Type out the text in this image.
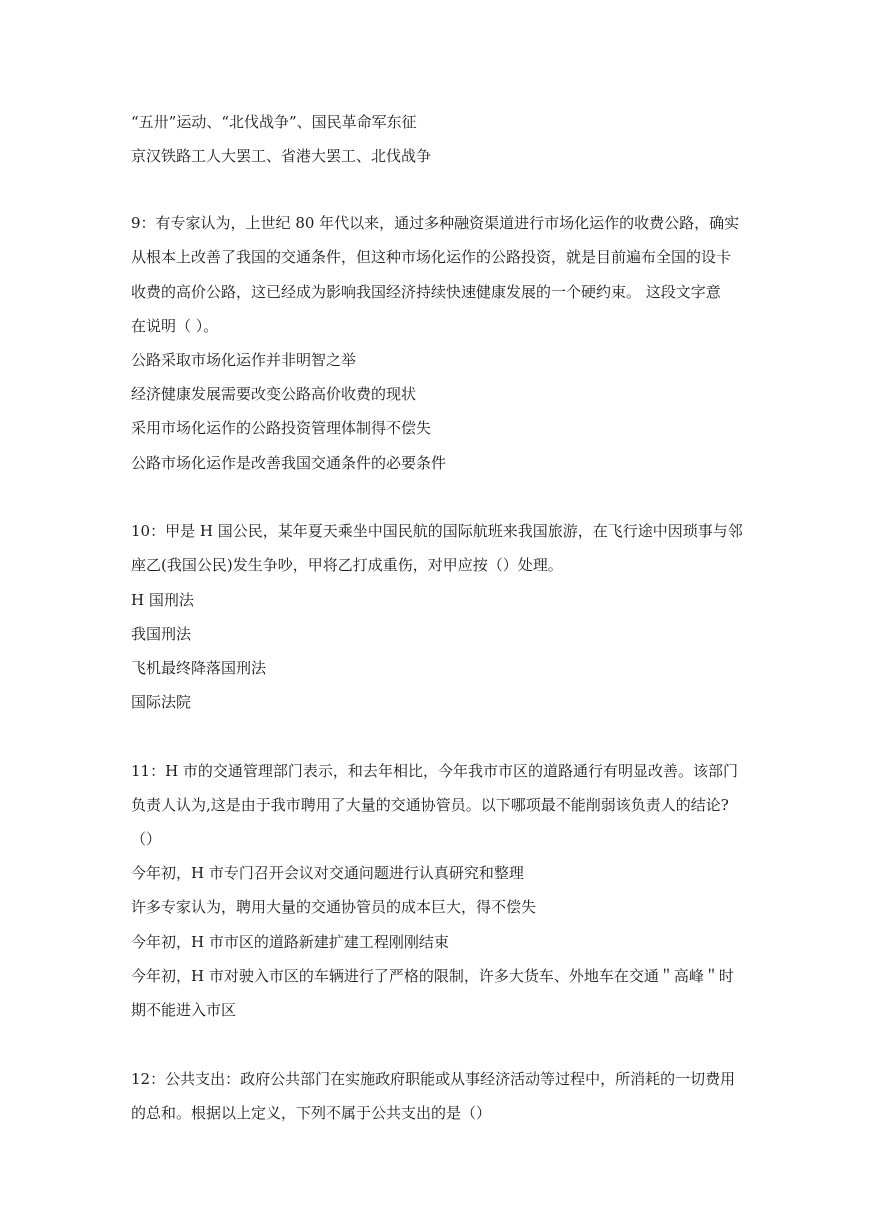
“五卅”运动、“北伐战争”、国民革命军东征

京汉铁路工人大罢工、省港大罢工、北伐战争

9：有专家认为，上世纪 80 年代以来，通过多种融资渠道进行市场化运作的收费公路，确实

从根本上改善了我国的交通条件，但这种市场化运作的公路投资，就是目前遍布全国的设卡

收费的高价公路，这已经成为影响我国经济持续快速健康发展的一个硬约束。 这段文字意

在说明（ ）。

公路采取市场化运作并非明智之举

经济健康发展需要改变公路高价收费的现状

采用市场化运作的公路投资管理体制得不偿失

公路市场化运作是改善我国交通条件的必要条件

10：甲是 H 国公民，某年夏天乘坐中国民航的国际航班来我国旅游，在飞行途中因琐事与邻

座乙(我国公民)发生争吵，甲将乙打成重伤，对甲应按（）处理。

H 国刑法

我国刑法

飞机最终降落国刑法

国际法院

11：H 市的交通管理部门表示，和去年相比，今年我市市区的道路通行有明显改善。该部门

负责人认为,这是由于我市聘用了大量的交通协管员。以下哪项最不能削弱该负责人的结论?

（）

今年初，H 市专门召开会议对交通问题进行认真研究和整理

许多专家认为，聘用大量的交通协管员的成本巨大，得不偿失

今年初，H 市市区的道路新建扩建工程刚刚结束

今年初，H 市对驶入市区的车辆进行了严格的限制，许多大货车、外地车在交通＂高峰＂时

期不能进入市区

12：公共支出：政府公共部门在实施政府职能或从事经济活动等过程中，所消耗的一切费用

的总和。根据以上定义，下列不属于公共支出的是（）
